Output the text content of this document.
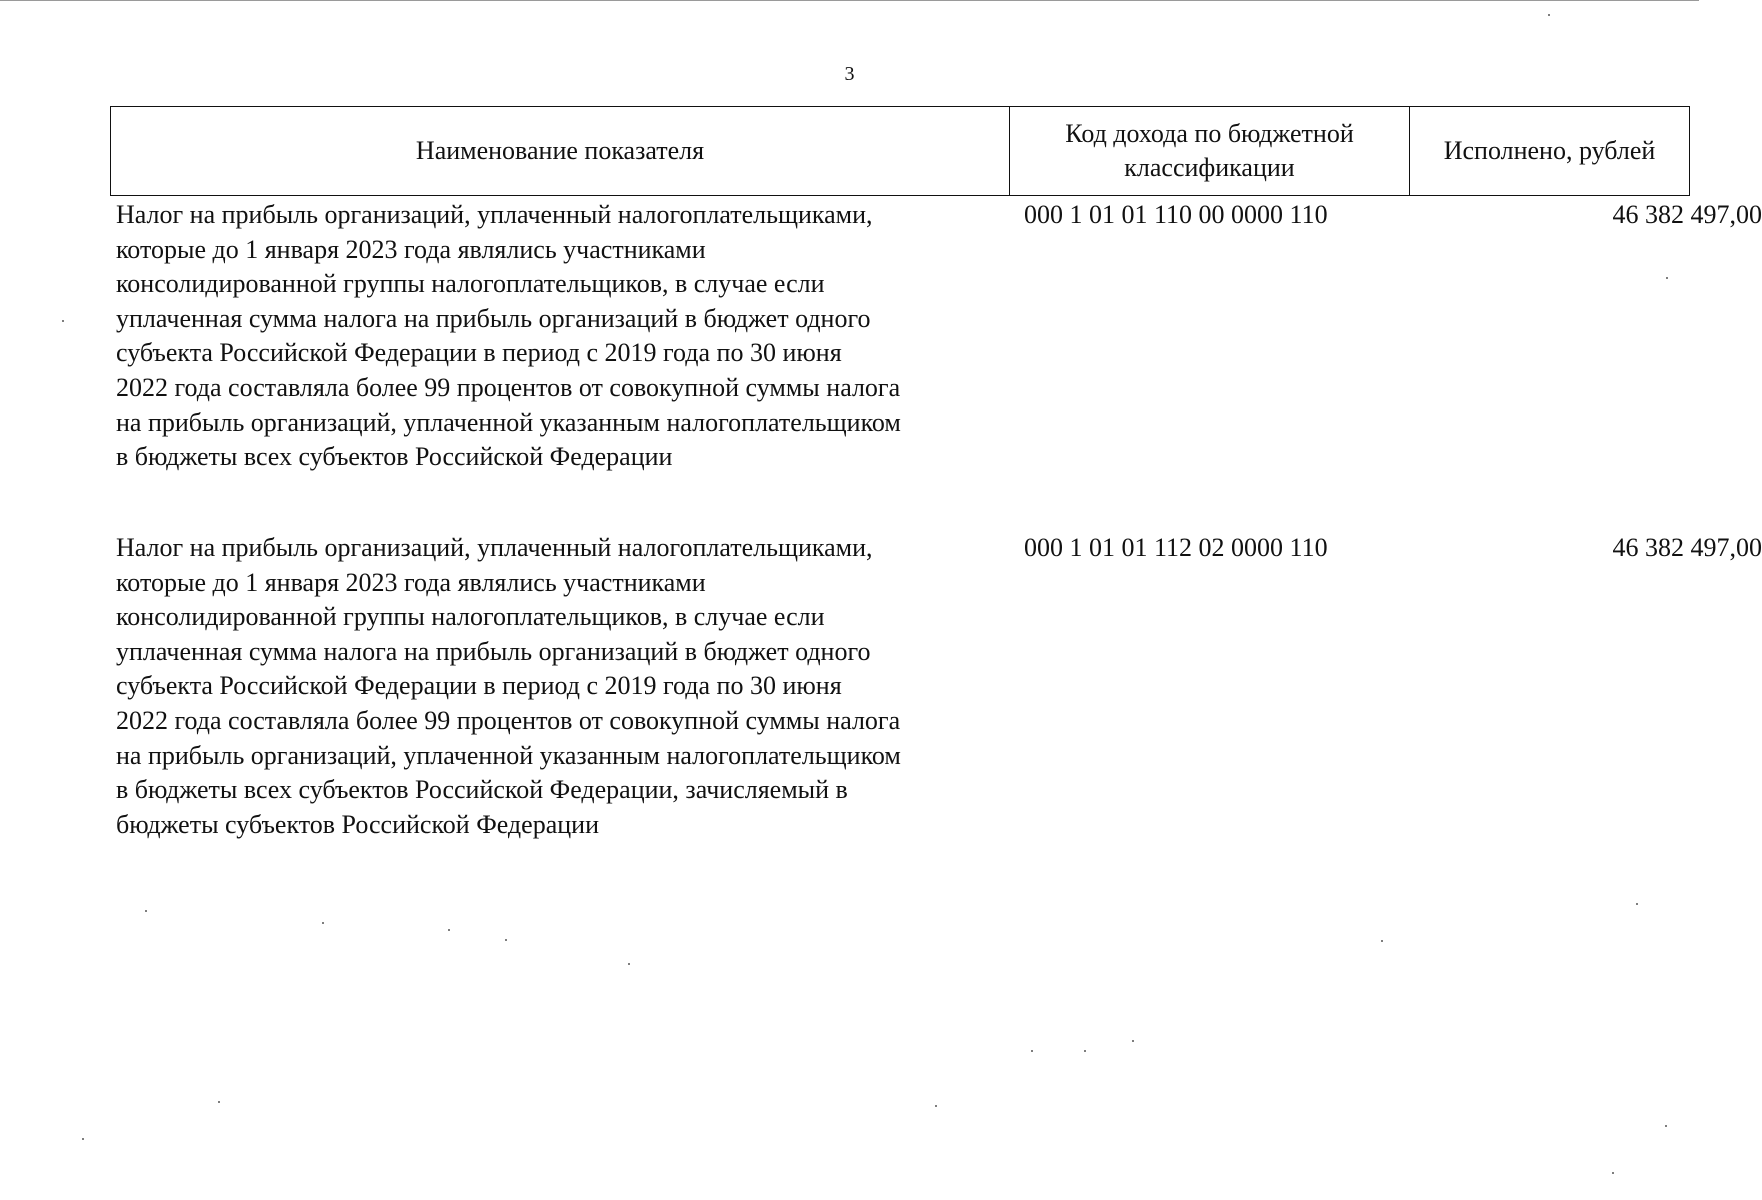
3
Наименование показателя	Код дохода по бюджетной классификации	Исполнено, рублей
Налог на прибыль организаций, уплаченный налогоплательщиками,
которые до 1 января 2023 года являлись участниками
консолидированной группы налогоплательщиков, в случае если
уплаченная сумма налога на прибыль организаций в бюджет одного
субъекта Российской Федерации в период с 2019 года по 30 июня
2022 года составляла более 99 процентов от совокупной суммы налога
на прибыль организаций, уплаченной указанным налогоплательщиком
в бюджеты всех субъектов Российской Федерации
000 1 01 01 110 00 0000 110	46 382 497,00
Налог на прибыль организаций, уплаченный налогоплательщиками,
которые до 1 января 2023 года являлись участниками
консолидированной группы налогоплательщиков, в случае если
уплаченная сумма налога на прибыль организаций в бюджет одного
субъекта Российской Федерации в период с 2019 года по 30 июня
2022 года составляла более 99 процентов от совокупной суммы налога
на прибыль организаций, уплаченной указанным налогоплательщиком
в бюджеты всех субъектов Российской Федерации, зачисляемый в
бюджеты субъектов Российской Федерации
000 1 01 01 112 02 0000 110	46 382 497,00
